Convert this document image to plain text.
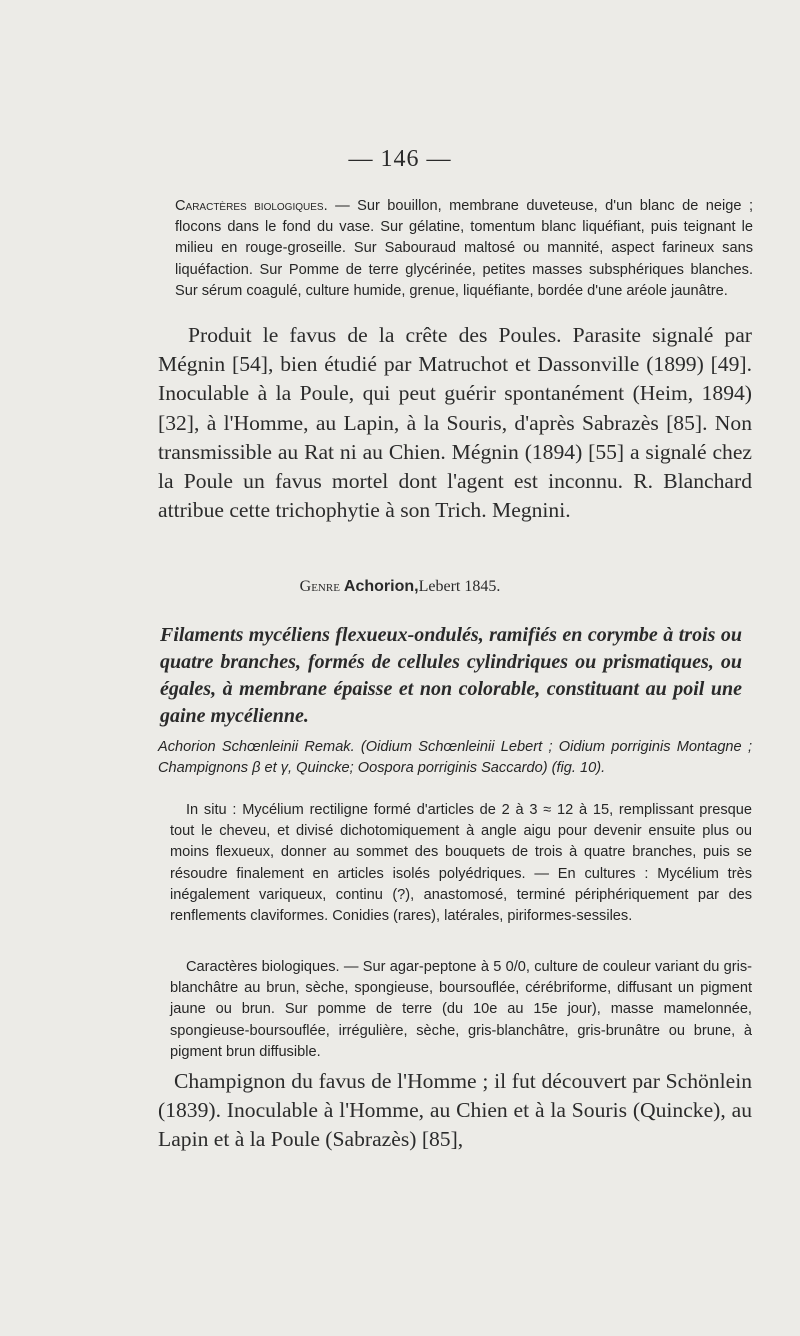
— 146 —
Caractères biologiques. — Sur bouillon, membrane duveteuse, d'un blanc de neige ; flocons dans le fond du vase. Sur gélatine, tomentum blanc liquéfiant, puis teignant le milieu en rouge-groseille. Sur Sabouraud maltosé ou mannité, aspect farineux sans liquéfaction. Sur Pomme de terre glycérinée, petites masses subsphériques blanches. Sur sérum coagulé, culture humide, grenue, liquéfiante, bordée d'une aréole jaunâtre.
Produit le favus de la crête des Poules. Parasite signalé par Mégnin [54], bien étudié par Matruchot et Dassonville (1899) [49]. Inoculable à la Poule, qui peut guérir spontanément (Heim, 1894) [32], à l'Homme, au Lapin, à la Souris, d'après Sabrazès [85]. Non transmissible au Rat ni au Chien. Mégnin (1894) [55] a signalé chez la Poule un favus mortel dont l'agent est inconnu. R. Blanchard attribue cette trichophytie à son Trich. Megnini.
Genre Achorion,Lebert 1845.
Filaments mycéliens flexueux-ondulés, ramifiés en corymbe à trois ou quatre branches, formés de cellules cylindriques ou prismatiques, ou égales, à membrane épaisse et non colorable, constituant au poil une gaine mycélienne.
Achorion Schœnleinii Remak. (Oidium Schœnleinii Lebert ; Oidium porriginis Montagne ; Champignons β et γ, Quincke; Oospora porriginis Saccardo) (fig. 10).
In situ : Mycélium rectiligne formé d'articles de 2 à 3 ≈ 12 à 15, remplissant presque tout le cheveu, et divisé dichotomiquement à angle aigu pour devenir ensuite plus ou moins flexueux, donner au sommet des bouquets de trois à quatre branches, puis se résoudre finalement en articles isolés polyédriques. — En cultures : Mycélium très inégalement variqueux, continu (?), anastomosé, terminé périphériquement par des renflements claviformes. Conidies (rares), latérales, piriformes-sessiles.
Caractères biologiques. — Sur agar-peptone à 5 0/0, culture de couleur variant du gris-blanchâtre au brun, sèche, spongieuse, boursouflée, cérébriforme, diffusant un pigment jaune ou brun. Sur pomme de terre (du 10e au 15e jour), masse mamelonnée, spongieuse-boursouflée, irrégulière, sèche, gris-blanchâtre, gris-brunâtre ou brune, à pigment brun diffusible.
Champignon du favus de l'Homme ; il fut découvert par Schönlein (1839). Inoculable à l'Homme, au Chien et à la Souris (Quincke), au Lapin et à la Poule (Sabrazès) [85],
